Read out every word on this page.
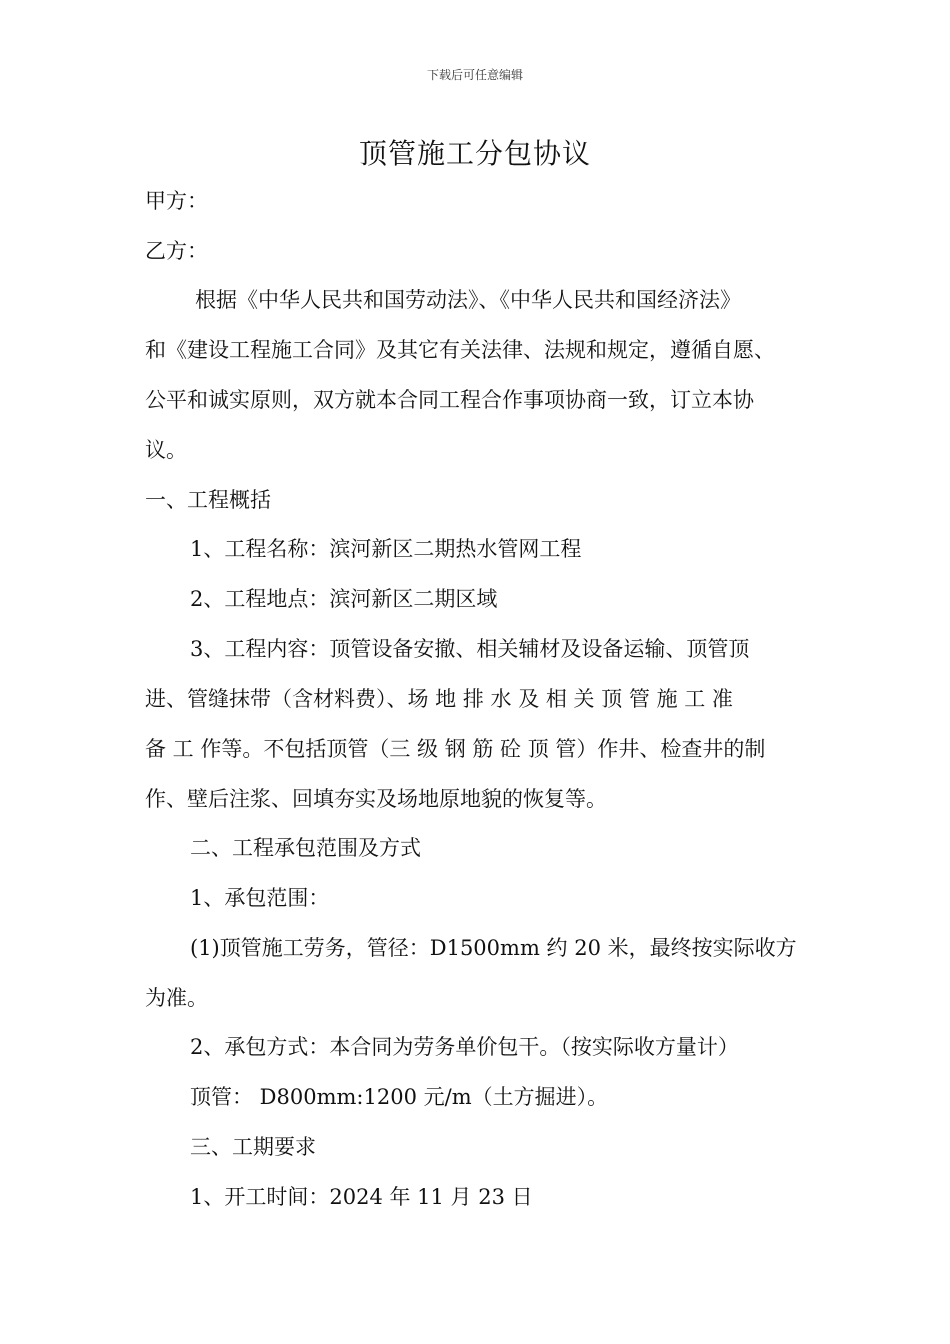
下载后可任意编辑
顶管施工分包协议
甲方：
乙方：
根据《中华人民共和国劳动法》、《中华人民共和国经济法》
和《建设工程施工合同》及其它有关法律、法规和规定，遵循自愿、
公平和诚实原则，双方就本合同工程合作事项协商一致，订立本协
议。
一、工程概括
1、工程名称：滨河新区二期热水管网工程
2、工程地点：滨河新区二期区域
3、工程内容：顶管设备安撤、相关辅材及设备运输、顶管顶
进、管缝抹带（含材料费）、场 地 排 水 及 相 关 顶 管 施 工 准
备 工 作等。不包括顶管（三 级 钢 筋 砼 顶 管）作井、检查井的制
作、壁后注浆、回填夯实及场地原地貌的恢复等。
二、工程承包范围及方式
1、承包范围：
(1)顶管施工劳务，管径：D1500mm 约 20 米，最终按实际收方
为准。
2、承包方式：本合同为劳务单价包干。（按实际收方量计）
顶管： D800mm:1200 元/m（土方掘进）。
三、工期要求
1、开工时间：2024 年 11 月 23 日
